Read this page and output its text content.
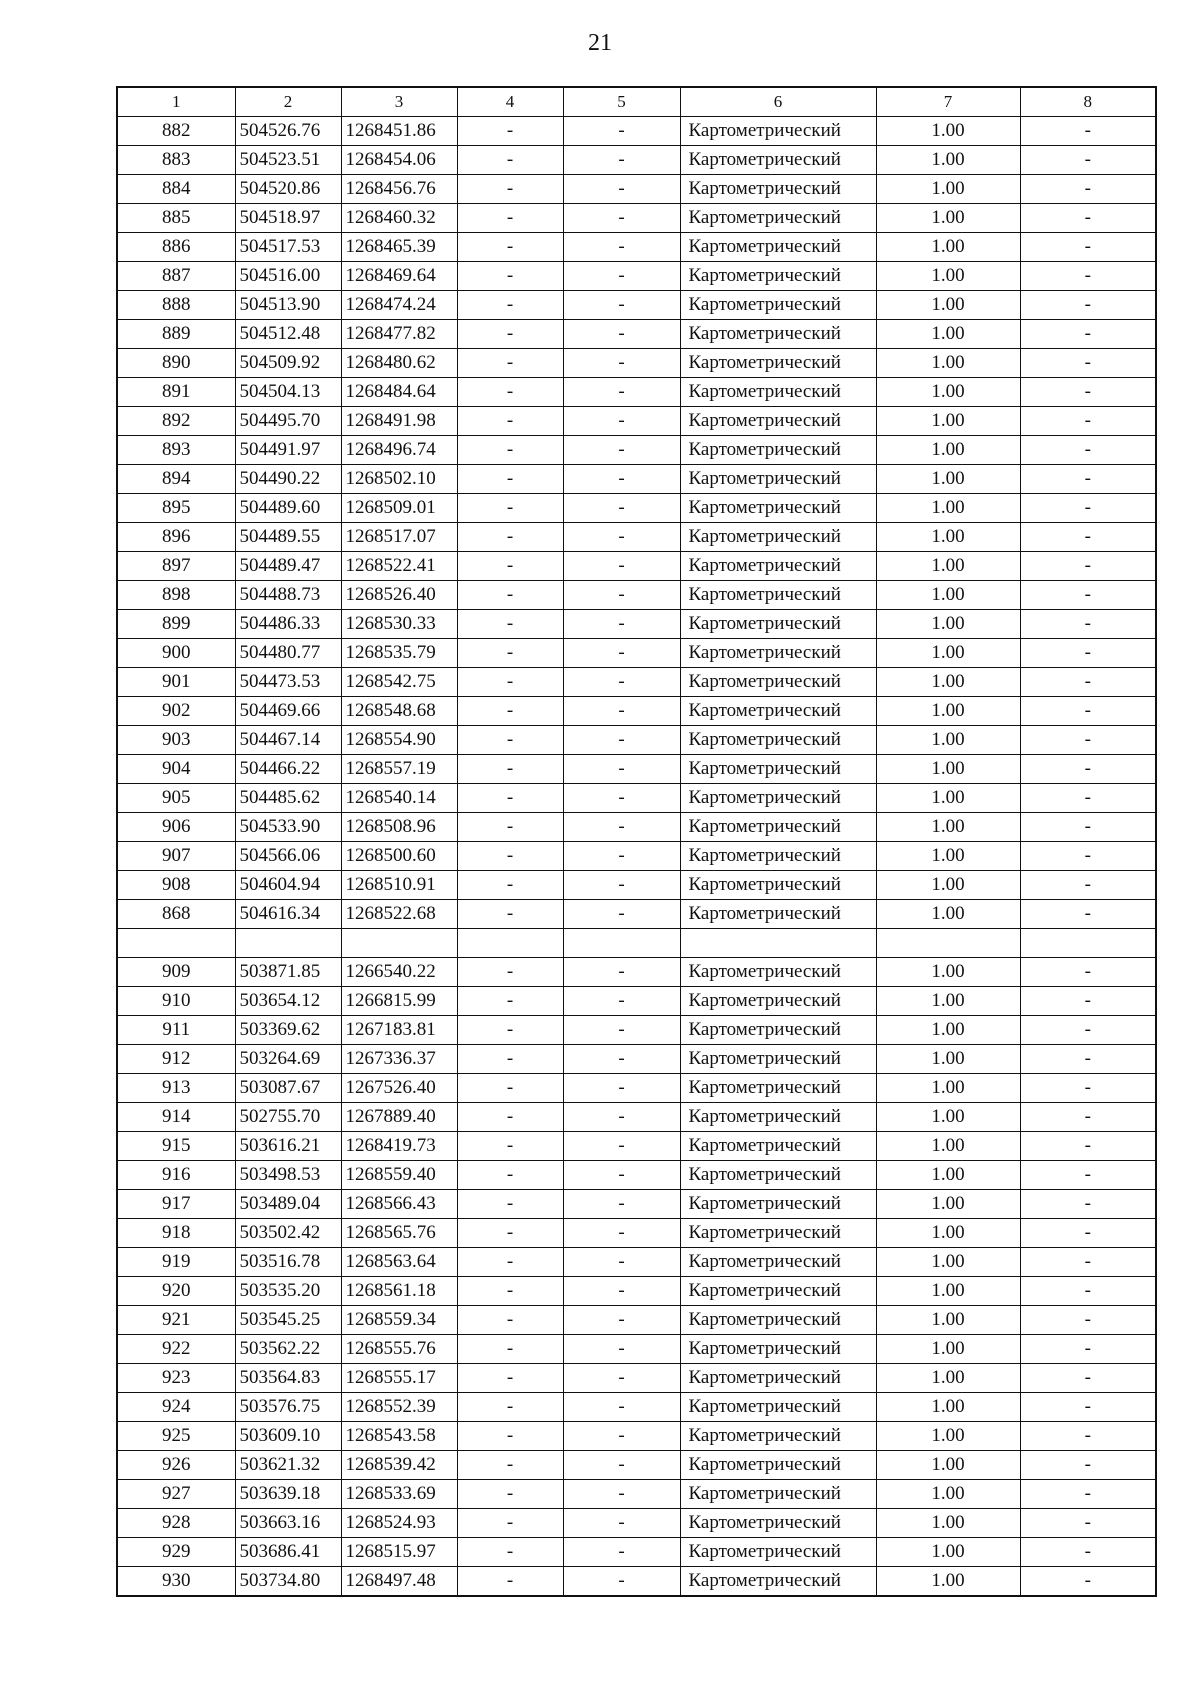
21
1	2	3	4	5	6	7	8
882	504526.76	1268451.86	-	-	Картометрический	1.00	-
883	504523.51	1268454.06	-	-	Картометрический	1.00	-
884	504520.86	1268456.76	-	-	Картометрический	1.00	-
885	504518.97	1268460.32	-	-	Картометрический	1.00	-
886	504517.53	1268465.39	-	-	Картометрический	1.00	-
887	504516.00	1268469.64	-	-	Картометрический	1.00	-
888	504513.90	1268474.24	-	-	Картометрический	1.00	-
889	504512.48	1268477.82	-	-	Картометрический	1.00	-
890	504509.92	1268480.62	-	-	Картометрический	1.00	-
891	504504.13	1268484.64	-	-	Картометрический	1.00	-
892	504495.70	1268491.98	-	-	Картометрический	1.00	-
893	504491.97	1268496.74	-	-	Картометрический	1.00	-
894	504490.22	1268502.10	-	-	Картометрический	1.00	-
895	504489.60	1268509.01	-	-	Картометрический	1.00	-
896	504489.55	1268517.07	-	-	Картометрический	1.00	-
897	504489.47	1268522.41	-	-	Картометрический	1.00	-
898	504488.73	1268526.40	-	-	Картометрический	1.00	-
899	504486.33	1268530.33	-	-	Картометрический	1.00	-
900	504480.77	1268535.79	-	-	Картометрический	1.00	-
901	504473.53	1268542.75	-	-	Картометрический	1.00	-
902	504469.66	1268548.68	-	-	Картометрический	1.00	-
903	504467.14	1268554.90	-	-	Картометрический	1.00	-
904	504466.22	1268557.19	-	-	Картометрический	1.00	-
905	504485.62	1268540.14	-	-	Картометрический	1.00	-
906	504533.90	1268508.96	-	-	Картометрический	1.00	-
907	504566.06	1268500.60	-	-	Картометрический	1.00	-
908	504604.94	1268510.91	-	-	Картометрический	1.00	-
868	504616.34	1268522.68	-	-	Картометрический	1.00	-

909	503871.85	1266540.22	-	-	Картометрический	1.00	-
910	503654.12	1266815.99	-	-	Картометрический	1.00	-
911	503369.62	1267183.81	-	-	Картометрический	1.00	-
912	503264.69	1267336.37	-	-	Картометрический	1.00	-
913	503087.67	1267526.40	-	-	Картометрический	1.00	-
914	502755.70	1267889.40	-	-	Картометрический	1.00	-
915	503616.21	1268419.73	-	-	Картометрический	1.00	-
916	503498.53	1268559.40	-	-	Картометрический	1.00	-
917	503489.04	1268566.43	-	-	Картометрический	1.00	-
918	503502.42	1268565.76	-	-	Картометрический	1.00	-
919	503516.78	1268563.64	-	-	Картометрический	1.00	-
920	503535.20	1268561.18	-	-	Картометрический	1.00	-
921	503545.25	1268559.34	-	-	Картометрический	1.00	-
922	503562.22	1268555.76	-	-	Картометрический	1.00	-
923	503564.83	1268555.17	-	-	Картометрический	1.00	-
924	503576.75	1268552.39	-	-	Картометрический	1.00	-
925	503609.10	1268543.58	-	-	Картометрический	1.00	-
926	503621.32	1268539.42	-	-	Картометрический	1.00	-
927	503639.18	1268533.69	-	-	Картометрический	1.00	-
928	503663.16	1268524.93	-	-	Картометрический	1.00	-
929	503686.41	1268515.97	-	-	Картометрический	1.00	-
930	503734.80	1268497.48	-	-	Картометрический	1.00	-
